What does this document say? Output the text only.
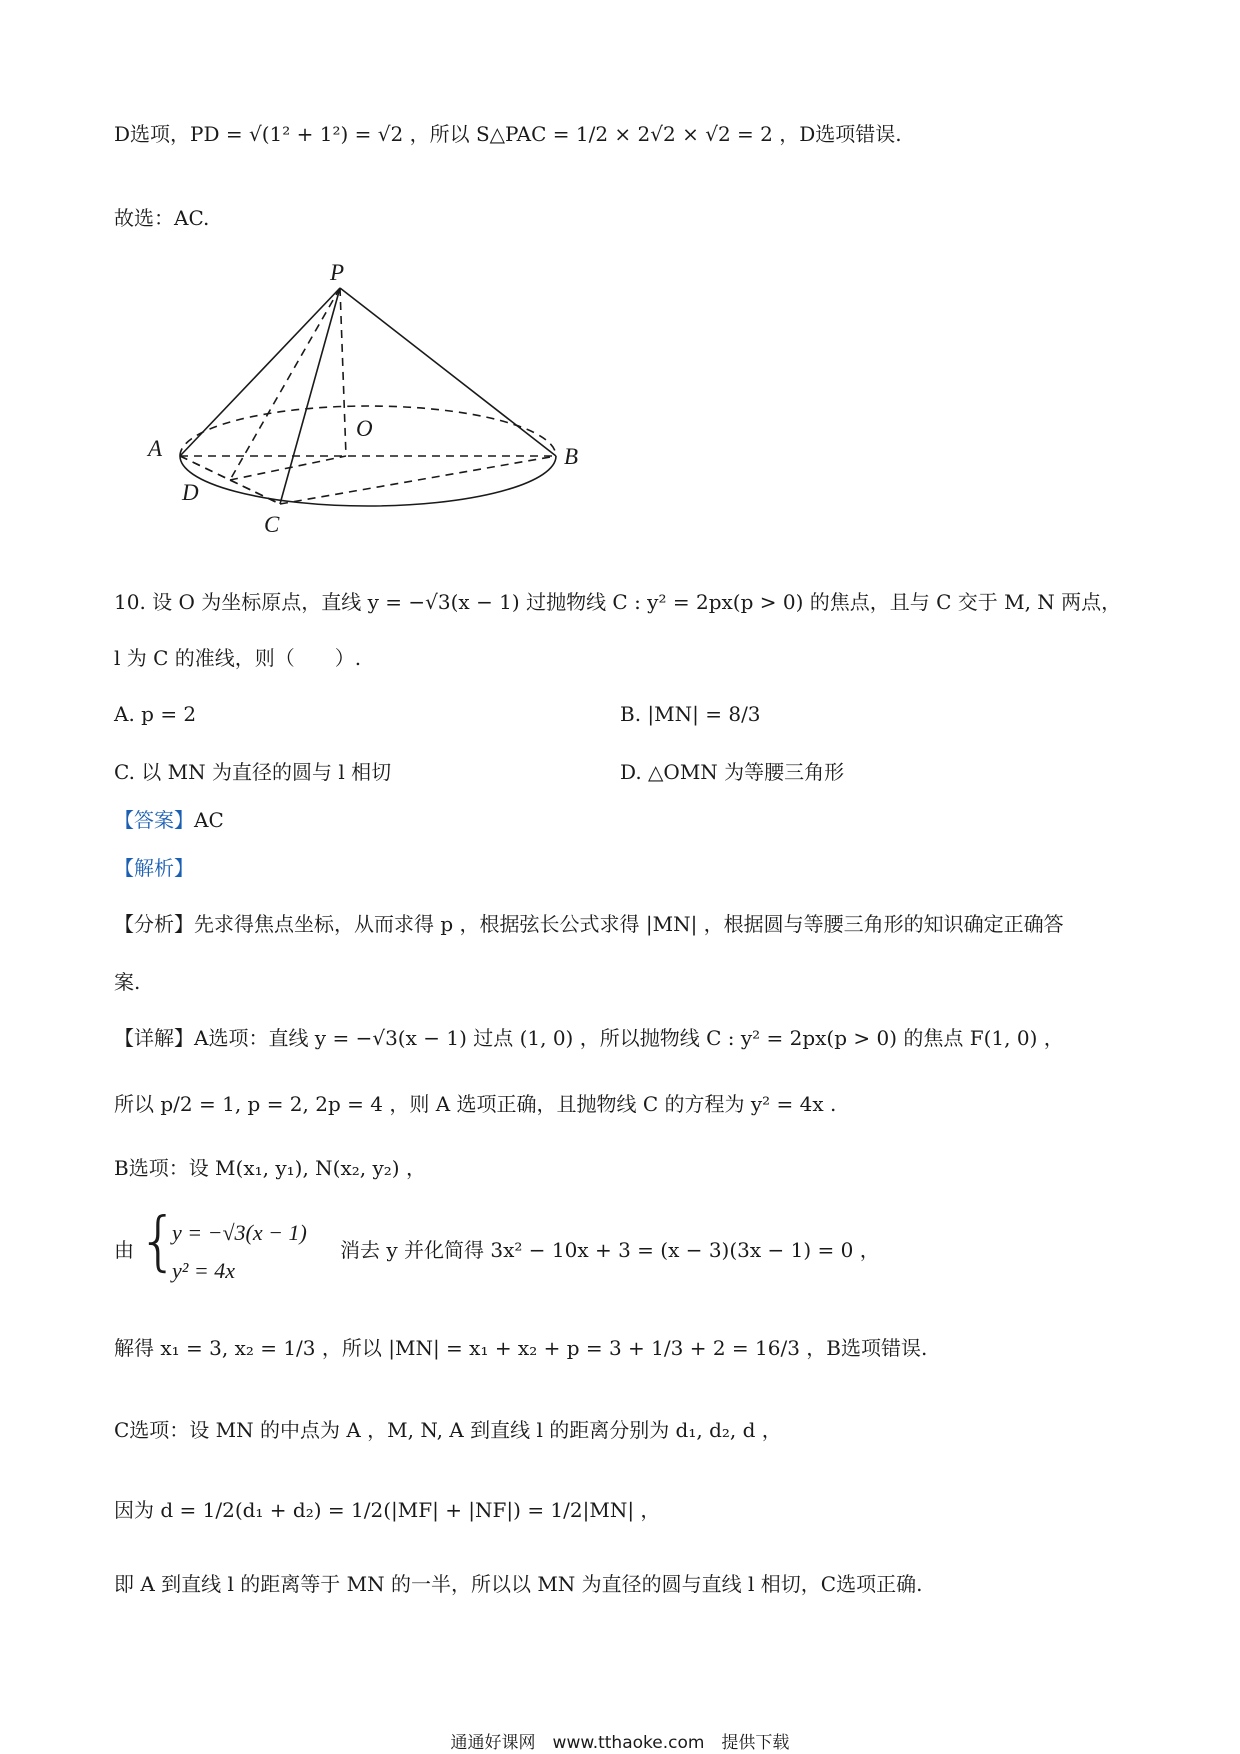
D选项，PD = √(1² + 1²) = √2 ，所以 S△PAC = 1/2 × 2√2 × √2 = 2 ，D选项错误.
故选：AC.
P
O
A	B
D
C
10. 设 O 为坐标原点，直线 y = −√3(x − 1) 过抛物线 C : y² = 2px(p > 0) 的焦点，且与 C 交于 M, N 两点，
l 为 C 的准线，则（　　）.
A. p = 2	B. |MN| = 8/3
C. 以 MN 为直径的圆与 l 相切	D. △OMN 为等腰三角形
【答案】AC
【解析】
【分析】先求得焦点坐标，从而求得 p ，根据弦长公式求得 |MN| ，根据圆与等腰三角形的知识确定正确答
案.
【详解】A选项：直线 y = −√3(x − 1) 过点 (1, 0) ，所以抛物线 C : y² = 2px(p > 0) 的焦点 F(1, 0) ，
所以 p/2 = 1, p = 2, 2p = 4 ，则 A 选项正确，且抛物线 C 的方程为 y² = 4x .
B选项：设 M(x₁, y₁), N(x₂, y₂) ，
由 {
y = −√3(x − 1)
y² = 4x
消去 y 并化简得 3x² − 10x + 3 = (x − 3)(3x − 1) = 0 ，
解得 x₁ = 3, x₂ = 1/3 ，所以 |MN| = x₁ + x₂ + p = 3 + 1/3 + 2 = 16/3 ，B选项错误.
C选项：设 MN 的中点为 A ，M, N, A 到直线 l 的距离分别为 d₁, d₂, d ，
因为 d = 1/2(d₁ + d₂) = 1/2(|MF| + |NF|) = 1/2|MN| ，
即 A 到直线 l 的距离等于 MN 的一半，所以以 MN 为直径的圆与直线 l 相切，C选项正确.
通通好课网　www.tthaoke.com　提供下载
